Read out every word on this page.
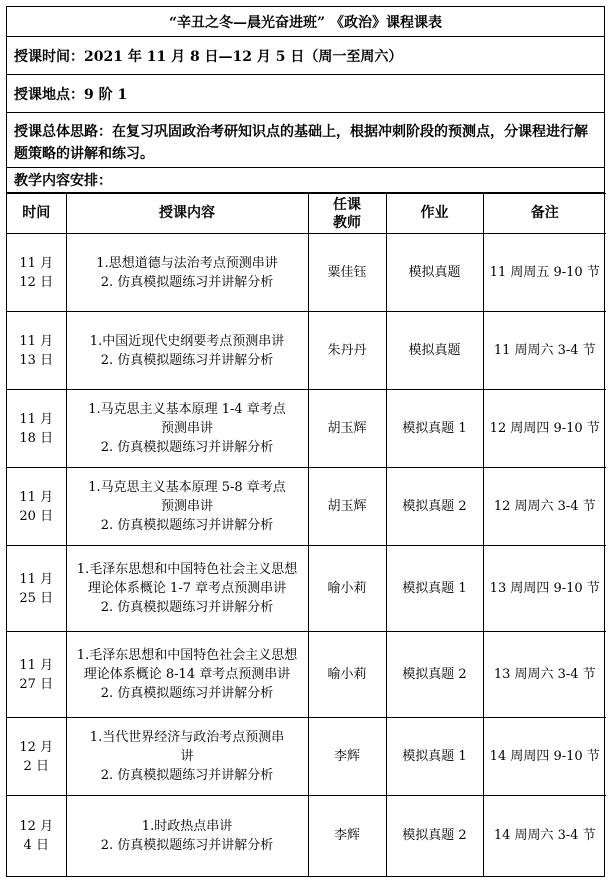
“辛丑之冬—晨光奋进班” 《政治》课程课表
授课时间： 2021 年 11 月 8 日—12 月 5 日（周一至周六）
授课地点： 9 阶 1
授课总体思路：在复习巩固政治考研知识点的基础上，根据冲刺阶段的预测点，分课程进行解题策略的讲解和练习。
教学内容安排：
时间	授课内容	任课教师	作业	备注

11 月 12 日	1.思想道德与法治考点预测串讲
2. 仿真模拟题练习并讲解分析	粟佳钰	模拟真题	11 周周五 9-10 节

11 月 13 日	1.中国近现代史纲要考点预测串讲
2. 仿真模拟题练习并讲解分析	朱丹丹	模拟真题	11 周周六 3-4 节

11 月 18 日	1.马克思主义基本原理 1-4 章考点预测串讲
2. 仿真模拟题练习并讲解分析	胡玉辉	模拟真题 1	12 周周四 9-10 节

11 月 20 日	1.马克思主义基本原理 5-8 章考点预测串讲
2. 仿真模拟题练习并讲解分析	胡玉辉	模拟真题 2	12 周周六 3-4 节

11 月 25 日	1.毛泽东思想和中国特色社会主义思想理论体系概论 1-7 章考点预测串讲
2. 仿真模拟题练习并讲解分析	喻小莉	模拟真题 1	13 周周四 9-10 节

11 月 27 日	1.毛泽东思想和中国特色社会主义思想理论体系概论 8-14 章考点预测串讲
2. 仿真模拟题练习并讲解分析	喻小莉	模拟真题 2	13 周周六 3-4 节

12 月 2 日	1.当代世界经济与政治考点预测串讲
2. 仿真模拟题练习并讲解分析	李辉	模拟真题 1	14 周周四 9-10 节

12 月 4 日	1.时政热点串讲
2. 仿真模拟题练习并讲解分析	李辉	模拟真题 2	14 周周六 3-4 节
